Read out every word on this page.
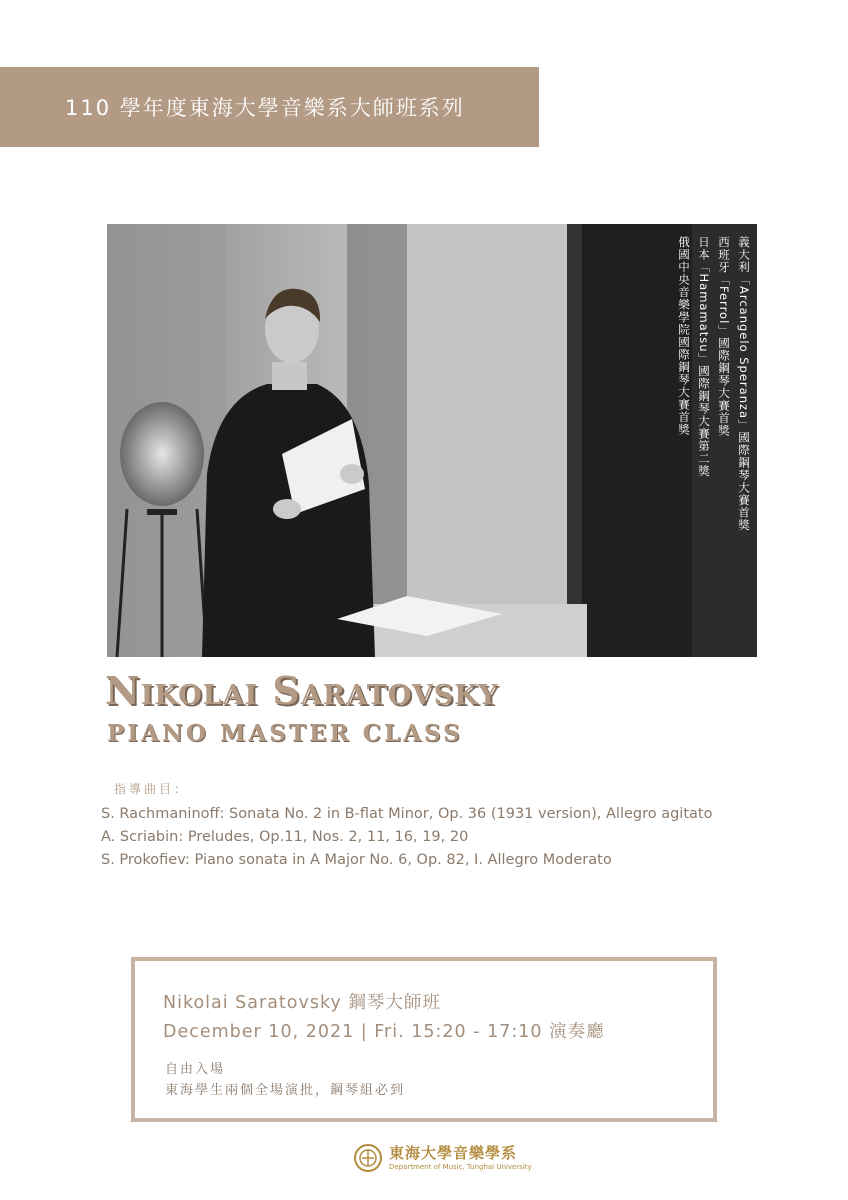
110 學年度東海大學音樂系大師班系列
義大利「Arcangelo Speranza」國際鋼琴大賽首獎
西班牙「Ferrol」國際鋼琴大賽首獎
日本「Hamamatsu」國際鋼琴大賽第二獎
俄國中央音樂學院國際鋼琴大賽首獎
Nikolai Saratovsky
PIANO MASTER CLASS
指導曲目：
S. Rachmaninoff: Sonata No. 2 in B-flat Minor, Op. 36 (1931 version), Allegro agitato
A. Scriabin: Preludes, Op.11, Nos. 2, 11, 16, 19, 20
S. Prokofiev: Piano sonata in A Major No. 6, Op. 82, I. Allegro Moderato
Nikolai Saratovsky 鋼琴大師班
December 10, 2021 | Fri. 15:20 - 17:10 演奏廳
自由入場
東海學生兩個全場演批，鋼琴組必到
東海大學音樂學系
Department of Music, Tunghai University
